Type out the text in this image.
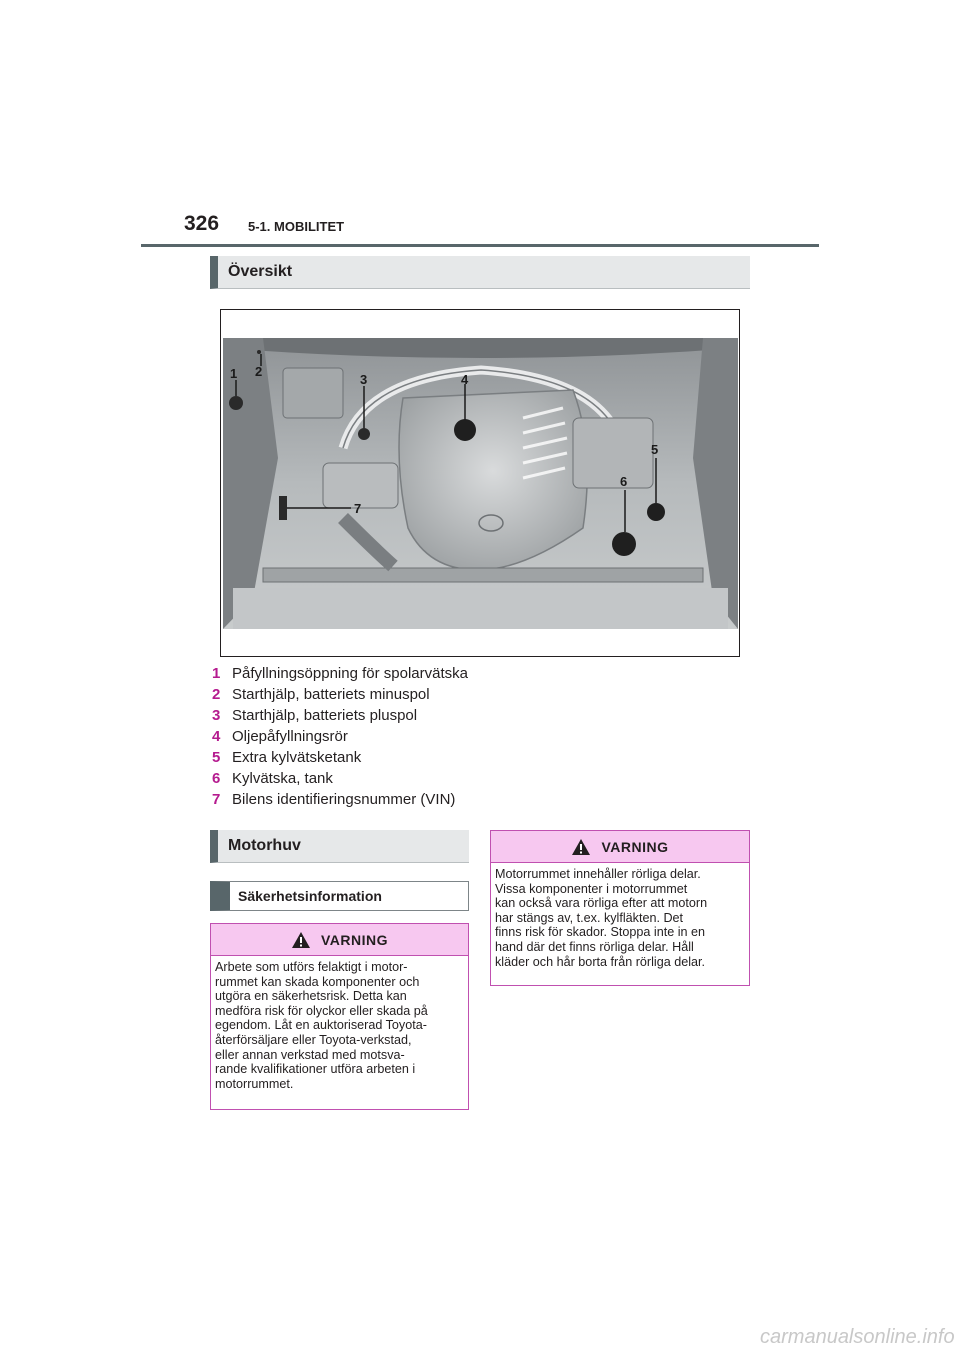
326 5-1. MOBILITET
Översikt
1 2
3	4
5
6
7
1 Påfyllningsöppning för spolarvätska
2 Starthjälp, batteriets minuspol
3 Starthjälp, batteriets pluspol
4 Oljepåfyllningsrör
5 Extra kylvätsketank
6 Kylvätska, tank
7 Bilens identifieringsnummer (VIN)
Motorhuv
Säkerhetsinformation
VARNING
Arbete som utförs felaktigt i motor-
rummet kan skada komponenter och
utgöra en säkerhetsrisk. Detta kan
medföra risk för olyckor eller skada på
egendom. Låt en auktoriserad Toyota-
återförsäljare eller Toyota-verkstad,
eller annan verkstad med motsva-
rande kvalifikationer utföra arbeten i
motorrummet.
VARNING
Motorrummet innehåller rörliga delar.
Vissa komponenter i motorrummet
kan också vara rörliga efter att motorn
har stängs av, t.ex. kylfläkten. Det
finns risk för skador. Stoppa inte in en
hand där det finns rörliga delar. Håll
kläder och hår borta från rörliga delar.
carmanualsonline.info
